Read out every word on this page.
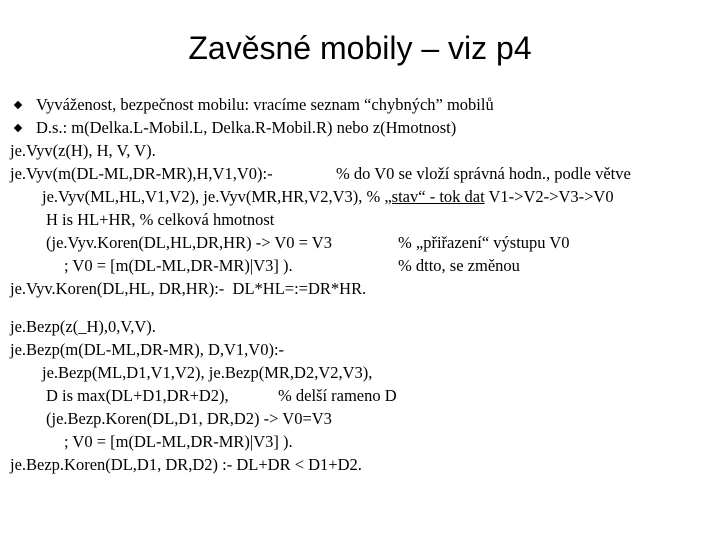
Zavěsné mobily – viz p4
Vyváženost, bezpečnost mobilu: vracíme seznam “chybných” mobilů
D.s.: m(Delka.L-Mobil.L, Delka.R-Mobil.R) nebo z(Hmotnost)
je.Vyv(z(H), H, V, V).
je.Vyv(m(DL-ML,DR-MR),H,V1,V0):-	% do V0 se vloží správná hodn., podle větve
je.Vyv(ML,HL,V1,V2), je.Vyv(MR,HR,V2,V3), % „stav“ - tok dat V1->V2->V3->V0
H is HL+HR, % celková hmotnost
(je.Vyv.Koren(DL,HL,DR,HR) -> V0 = V3	% „přiřazení“ výstupu V0
; V0 = [m(DL-ML,DR-MR)|V3] ).	% dtto, se změnou
je.Vyv.Koren(DL,HL, DR,HR):-  DL*HL=:=DR*HR.
je.Bezp(z(_H),0,V,V).
je.Bezp(m(DL-ML,DR-MR), D,V1,V0):-
je.Bezp(ML,D1,V1,V2), je.Bezp(MR,D2,V2,V3),
D is max(DL+D1,DR+D2),	% delší rameno D
(je.Bezp.Koren(DL,D1, DR,D2) -> V0=V3
; V0 = [m(DL-ML,DR-MR)|V3] ).
je.Bezp.Koren(DL,D1, DR,D2) :- DL+DR < D1+D2.
